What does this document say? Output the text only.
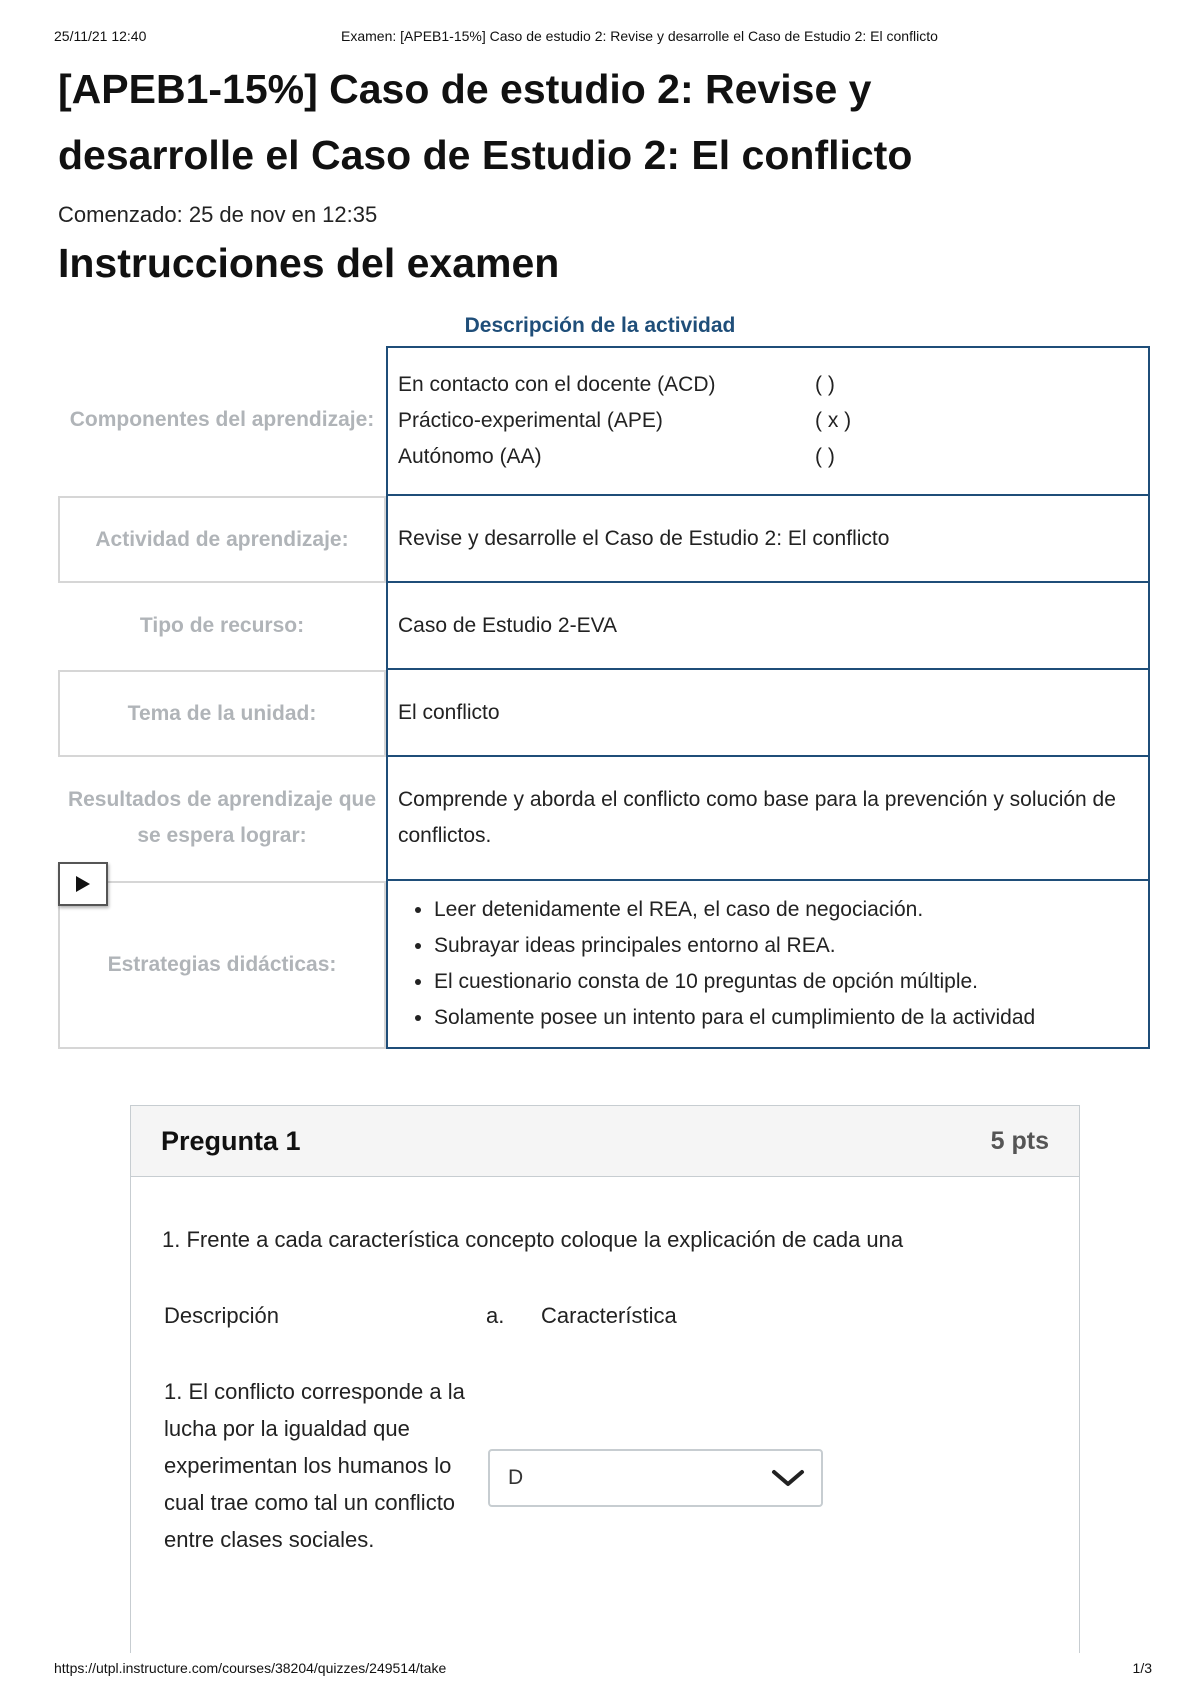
25/11/21 12:40	Examen: [APEB1-15%] Caso de estudio 2: Revise y desarrolle el Caso de Estudio 2: El conflicto
[APEB1-15%] Caso de estudio 2: Revise y desarrolle el Caso de Estudio 2: El conflicto
Comenzado: 25 de nov en 12:35
Instrucciones del examen
Descripción de la actividad
Componentes del aprendizaje:
En contacto con el docente (ACD)	( )
Práctico-experimental (APE)	( x )
Autónomo (AA)	( )
Actividad de aprendizaje:	Revise y desarrolle el Caso de Estudio 2: El conflicto
Tipo de recurso:	Caso de Estudio 2-EVA
Tema de la unidad:	El conflicto
Resultados de aprendizaje que se espera lograr:
Comprende y aborda el conflicto como base para la prevención y solución de conflictos.
Estrategias didácticas:
• Leer detenidamente el REA, el caso de negociación.
• Subrayar ideas principales entorno al REA.
• El cuestionario consta de 10 preguntas de opción múltiple.
• Solamente posee un intento para el cumplimiento de la actividad
Pregunta 1	5 pts
1. Frente a cada característica concepto coloque la explicación de cada una
Descripción	a. Característica
1. El conflicto corresponde a la lucha por la igualdad que experimentan los humanos lo cual trae como tal un conflicto entre clases sociales.
D
https://utpl.instructure.com/courses/38204/quizzes/249514/take	1/3
